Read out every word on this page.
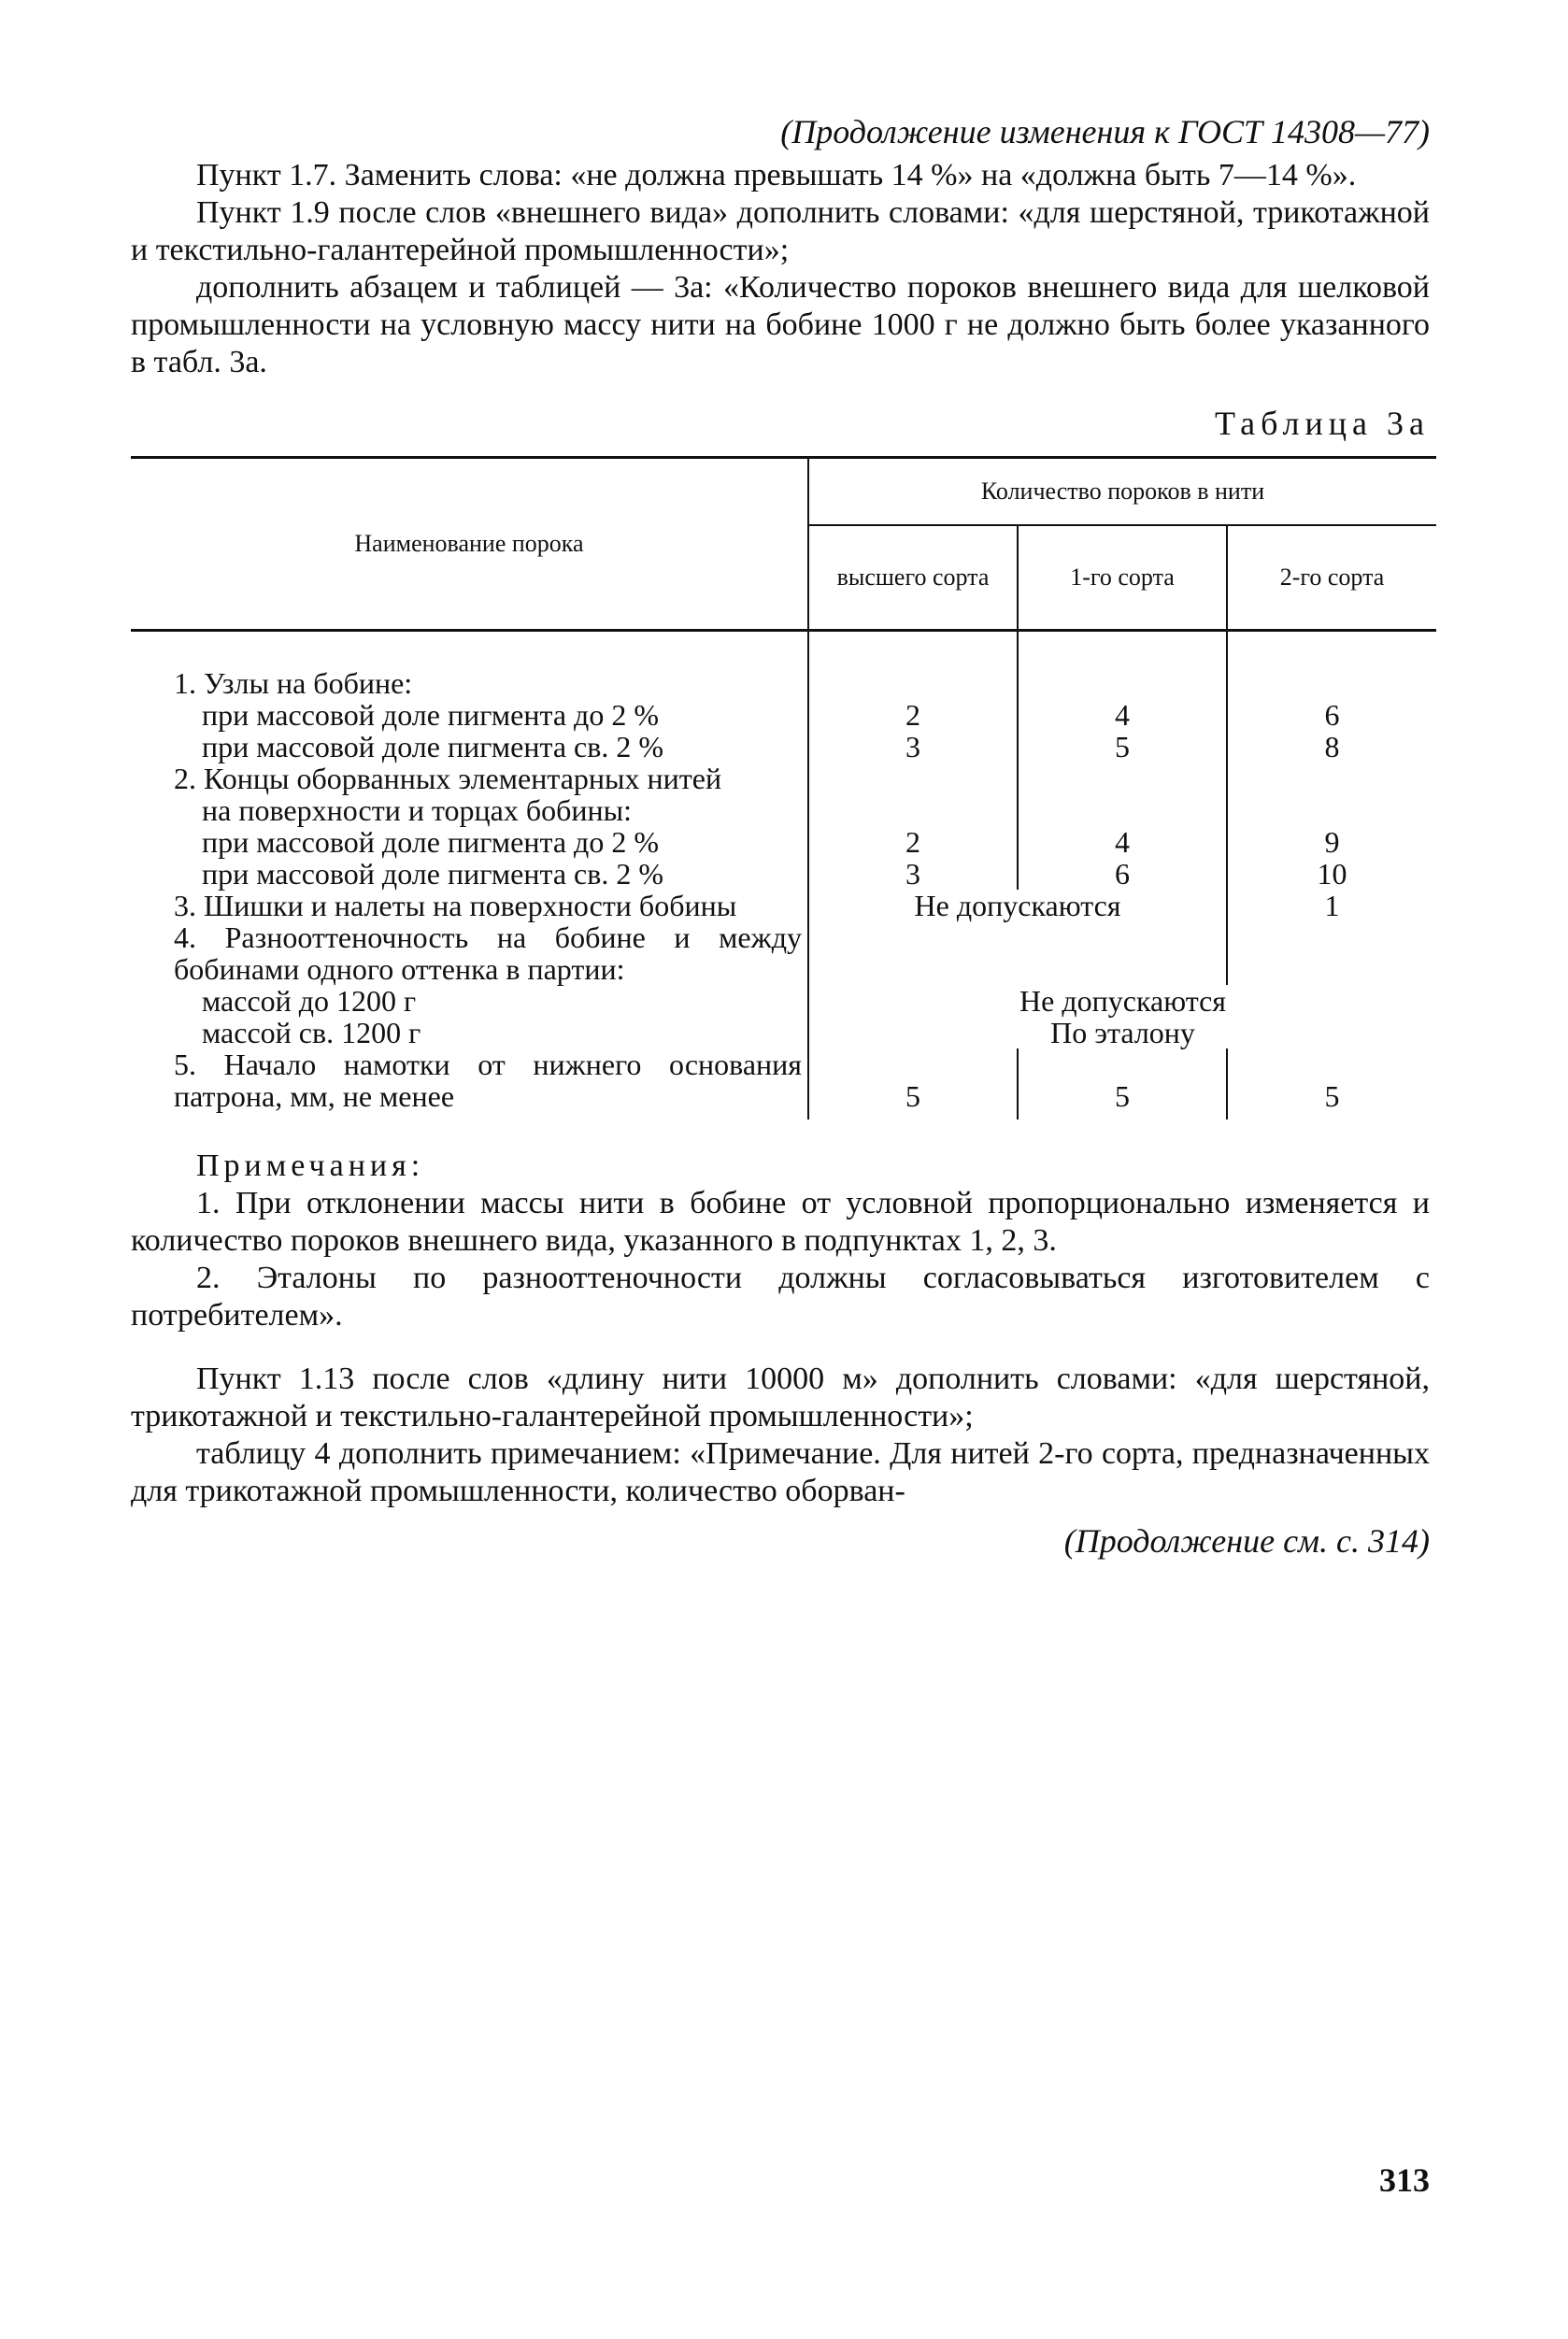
(Продолжение изменения к ГОСТ 14308—77)

Пункт 1.7. Заменить слова: «не должна превышать 14 %» на «должна быть 7—14 %».

Пункт 1.9 после слов «внешнего вида» дополнить словами: «для шерстяной, трикотажной и текстильно-галантерейной промышленности»;

дополнить абзацем и таблицей — 3а: «Количество пороков внешнего вида для шелковой промышленности на условную массу нити на бобине 1000 г не должно быть более указанного в табл. 3а.

Таблица 3а
Наименование порока	Количество пороков в нити		
	высшего сорта	1-го сорта	2-го сорта

1. Узлы на бобине:			

при массовой доле пигмента до 2 %	2	4	6

при массовой доле пигмента св. 2 %	3	5	8

2. Концы оборванных элементарных нитей			

на поверхности и торцах бобины:			

при массовой доле пигмента до 2 %	2	4	9

при массовой доле пигмента св. 2 %	3	6	10

3. Шишки и налеты на поверхности бобины	Не допускаются		1

4. Разнооттеночность на бобине и между бобинами одного оттенка в партии:			

массой до 1200 г	Не допускаются		

массой св. 1200 г	По эталону		

5. Начало намотки от нижнего основания патрона, мм, не менее	5	5	5

Примечания:

1. При отклонении массы нити в бобине от условной пропорционально изменяется и количество пороков внешнего вида, указанного в подпунктах 1, 2, 3.

2. Эталоны по разнооттеночности должны согласовываться изготовителем с потребителем».

Пункт 1.13 после слов «длину нити 10000 м» дополнить словами: «для шерстяной, трикотажной и текстильно-галантерейной промышленности»;

таблицу 4 дополнить примечанием: «Примечание. Для нитей 2-го сорта, предназначенных для трикотажной промышленности, количество оборван-

(Продолжение см. с. 314)
313
